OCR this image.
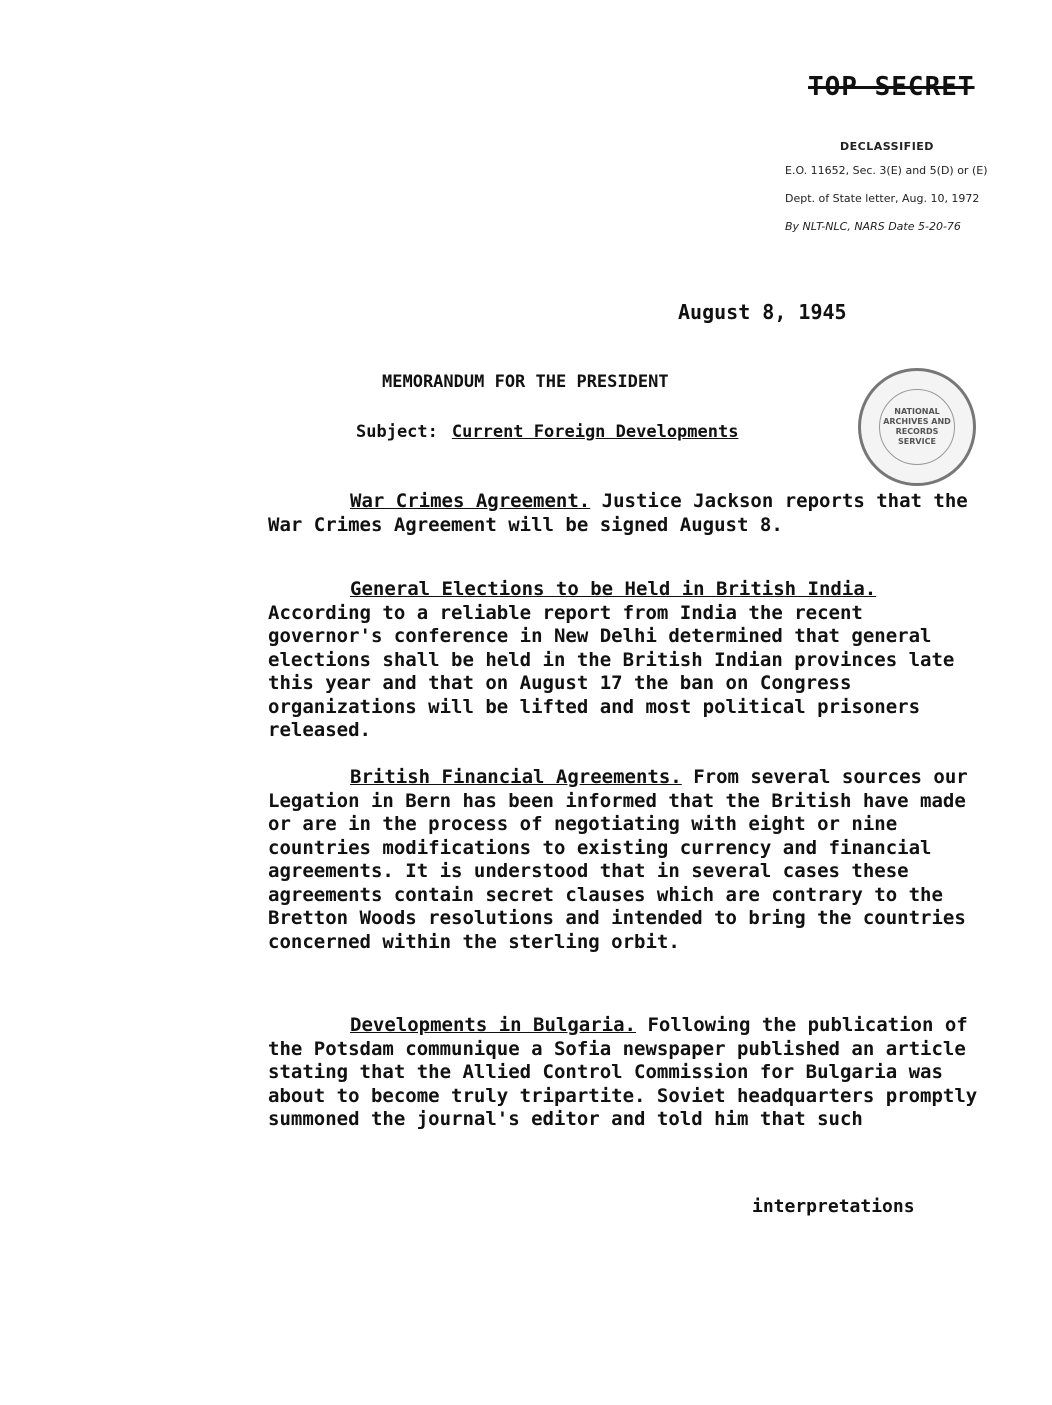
TOP SECRET
DECLASSIFIED
E.O. 11652, Sec. 3(E) and 5(D) or (E)
Dept. of State letter, Aug. 10, 1972
By NLT-NLC, NARS Date 5-20-76
August 8, 1945
MEMORANDUM FOR THE PRESIDENT
NATIONAL ARCHIVES AND RECORDS SERVICE
Subject: Current Foreign Developments
War Crimes Agreement. Justice Jackson reports that the War Crimes Agreement will be signed August 8.
General Elections to be Held in British India. According to a reliable report from India the recent governor's conference in New Delhi determined that general elections shall be held in the British Indian provinces late this year and that on August 17 the ban on Congress organizations will be lifted and most political prisoners released.
British Financial Agreements. From several sources our Legation in Bern has been informed that the British have made or are in the process of negotiating with eight or nine countries modifications to existing currency and financial agreements. It is understood that in several cases these agreements contain secret clauses which are contrary to the Bretton Woods resolutions and intended to bring the countries concerned within the sterling orbit.
Developments in Bulgaria. Following the publication of the Potsdam communique a Sofia newspaper published an article stating that the Allied Control Commission for Bulgaria was about to become truly tripartite. Soviet headquarters promptly summoned the journal's editor and told him that such
interpretations
